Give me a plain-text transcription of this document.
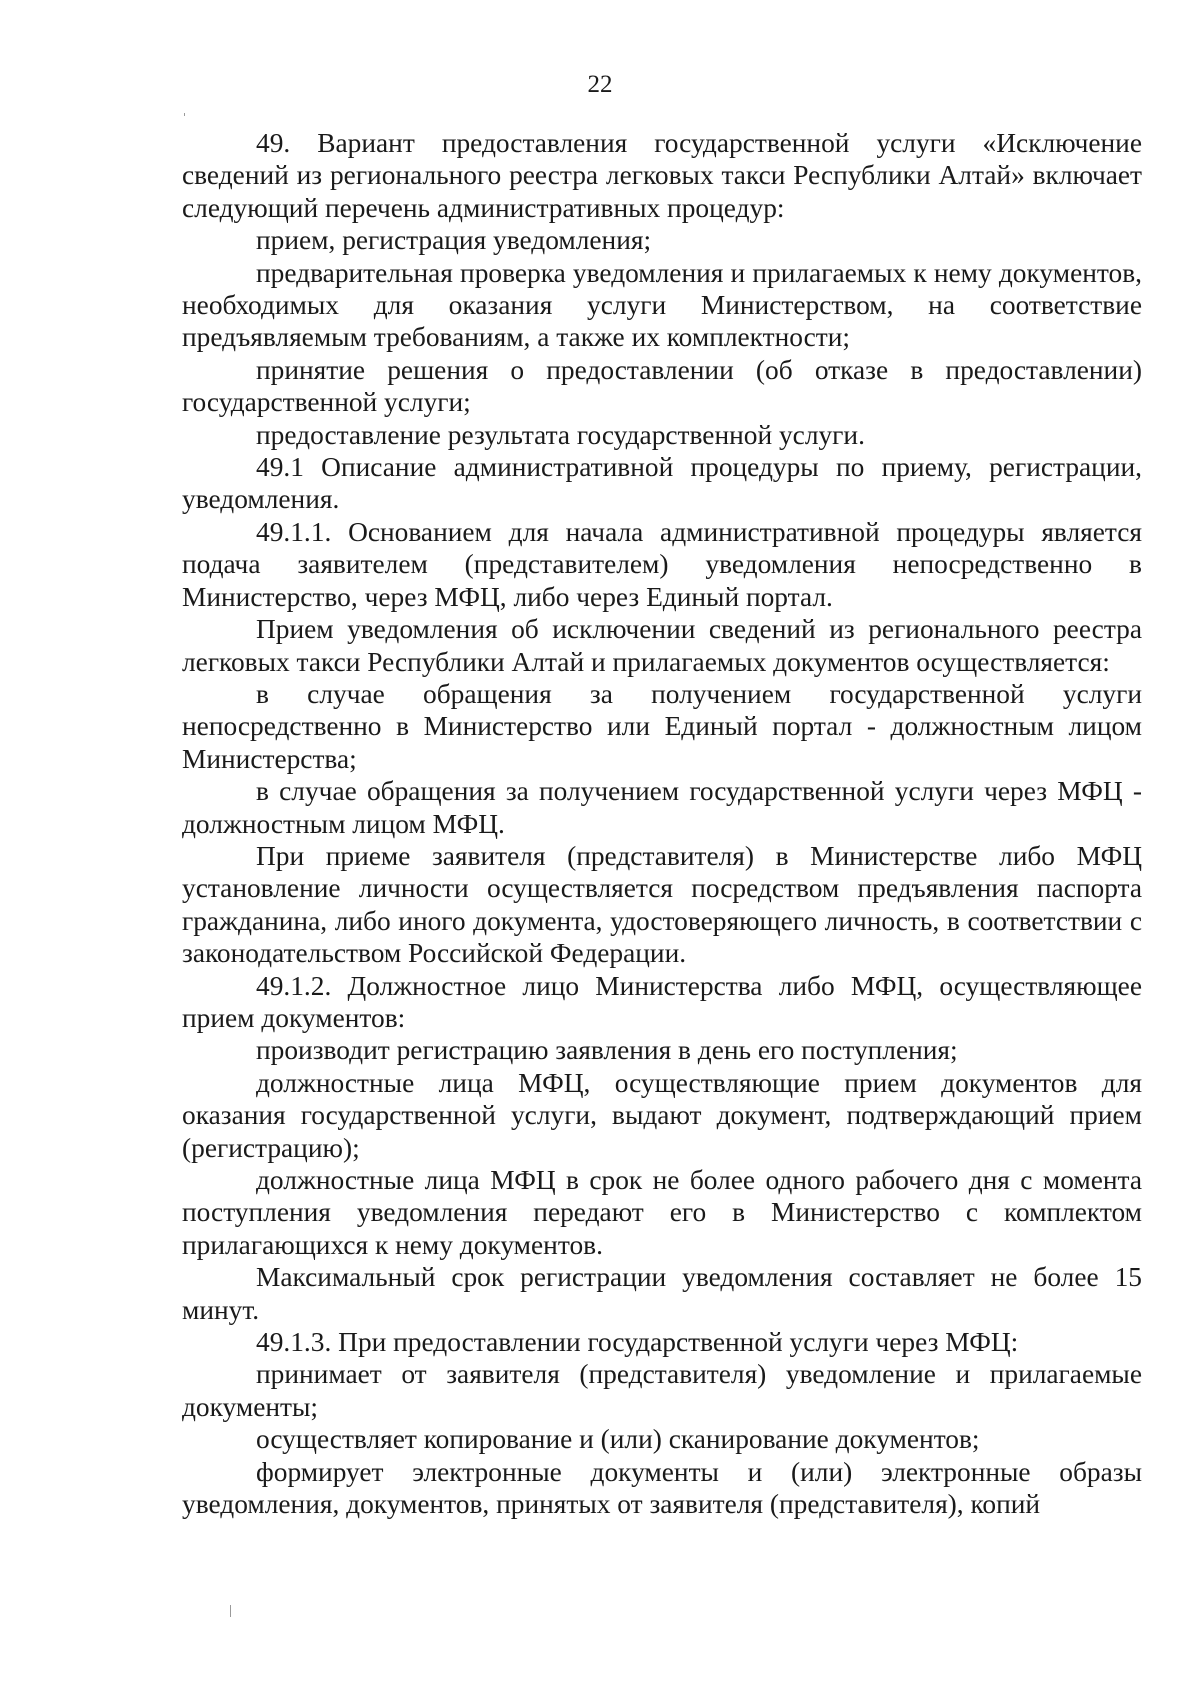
22

49. Вариант предоставления государственной услуги «Исключение сведений из регионального реестра легковых такси Республики Алтай» включает следующий перечень административных процедур:

прием, регистрация уведомления;

предварительная проверка уведомления и прилагаемых к нему документов, необходимых для оказания услуги Министерством, на соответствие предъявляемым требованиям, а также их комплектности;

принятие решения о предоставлении (об отказе в предоставлении) государственной услуги;

предоставление результата государственной услуги.

49.1 Описание административной процедуры по приему, регистрации, уведомления.

49.1.1. Основанием для начала административной процедуры является подача заявителем (представителем) уведомления непосредственно в Министерство, через МФЦ, либо через Единый портал.

Прием уведомления об исключении сведений из регионального реестра легковых такси Республики Алтай и прилагаемых документов осуществляется:

в случае обращения за получением государственной услуги непосредственно в Министерство или Единый портал - должностным лицом Министерства;

в случае обращения за получением государственной услуги через МФЦ - должностным лицом МФЦ.

При приеме заявителя (представителя) в Министерстве либо МФЦ установление личности осуществляется посредством предъявления паспорта гражданина, либо иного документа, удостоверяющего личность, в соответствии с законодательством Российской Федерации.

49.1.2. Должностное лицо Министерства либо МФЦ, осуществляющее прием документов:

производит регистрацию заявления в день его поступления;

должностные лица МФЦ, осуществляющие прием документов для оказания государственной услуги, выдают документ, подтверждающий прием (регистрацию);

должностные лица МФЦ в срок не более одного рабочего дня с момента поступления уведомления передают его в Министерство с комплектом прилагающихся к нему документов.

Максимальный срок регистрации уведомления составляет не более 15 минут.

49.1.3. При предоставлении государственной услуги через МФЦ:

принимает от заявителя (представителя) уведомление и прилагаемые документы;

осуществляет копирование и (или) сканирование документов;

формирует электронные документы и (или) электронные образы уведомления, документов, принятых от заявителя (представителя), копий
